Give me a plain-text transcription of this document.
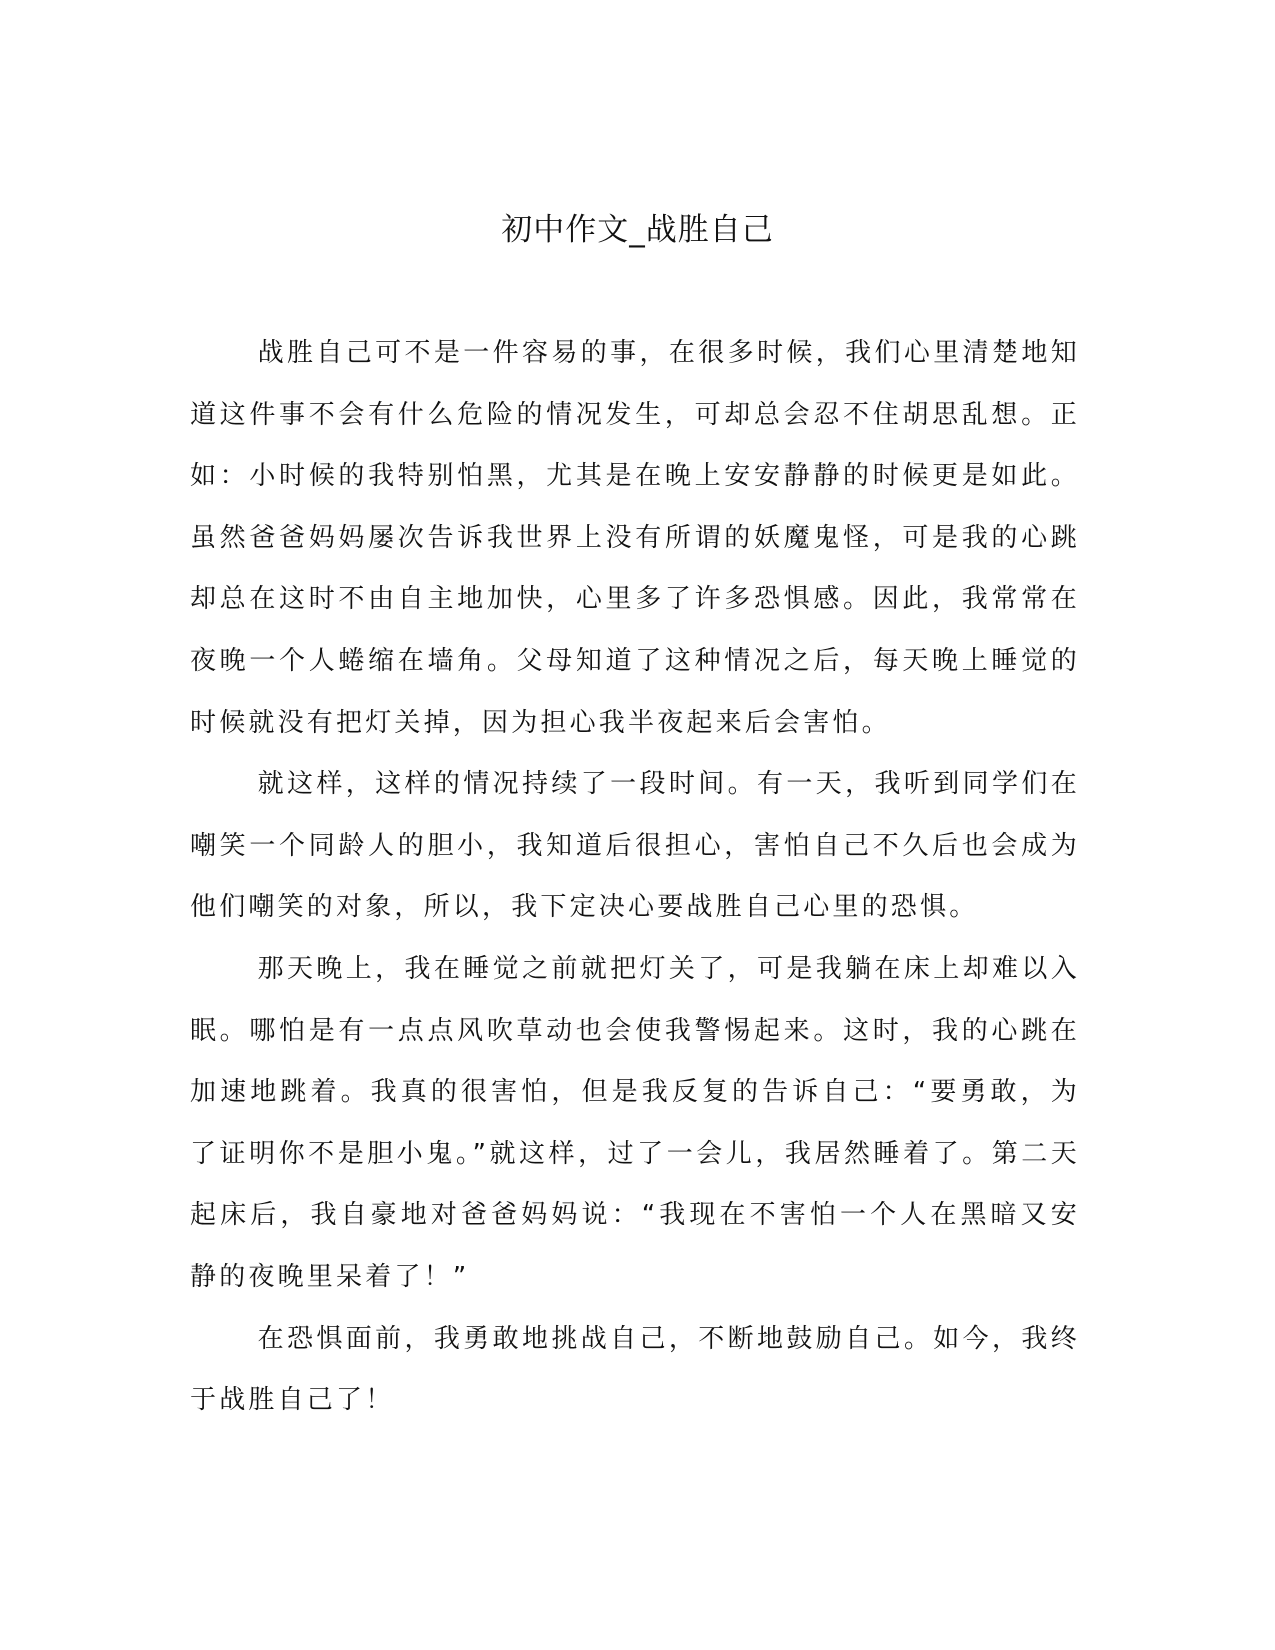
初中作文_战胜自己

战胜自己可不是一件容易的事，在很多时候，我们心里清楚地知道这件事不会有什么危险的情况发生，可却总会忍不住胡思乱想。正如：小时候的我特别怕黑，尤其是在晚上安安静静的时候更是如此。虽然爸爸妈妈屡次告诉我世界上没有所谓的妖魔鬼怪，可是我的心跳却总在这时不由自主地加快，心里多了许多恐惧感。因此，我常常在夜晚一个人蜷缩在墙角。父母知道了这种情况之后，每天晚上睡觉的时候就没有把灯关掉，因为担心我半夜起来后会害怕。

就这样，这样的情况持续了一段时间。有一天，我听到同学们在嘲笑一个同龄人的胆小，我知道后很担心，害怕自己不久后也会成为他们嘲笑的对象，所以，我下定决心要战胜自己心里的恐惧。

那天晚上，我在睡觉之前就把灯关了，可是我躺在床上却难以入眠。哪怕是有一点点风吹草动也会使我警惕起来。这时，我的心跳在加速地跳着。我真的很害怕，但是我反复的告诉自己：“要勇敢，为了证明你不是胆小鬼。”就这样，过了一会儿，我居然睡着了。第二天起床后，我自豪地对爸爸妈妈说：“我现在不害怕一个人在黑暗又安静的夜晚里呆着了！”

在恐惧面前，我勇敢地挑战自己，不断地鼓励自己。如今，我终于战胜自己了！
